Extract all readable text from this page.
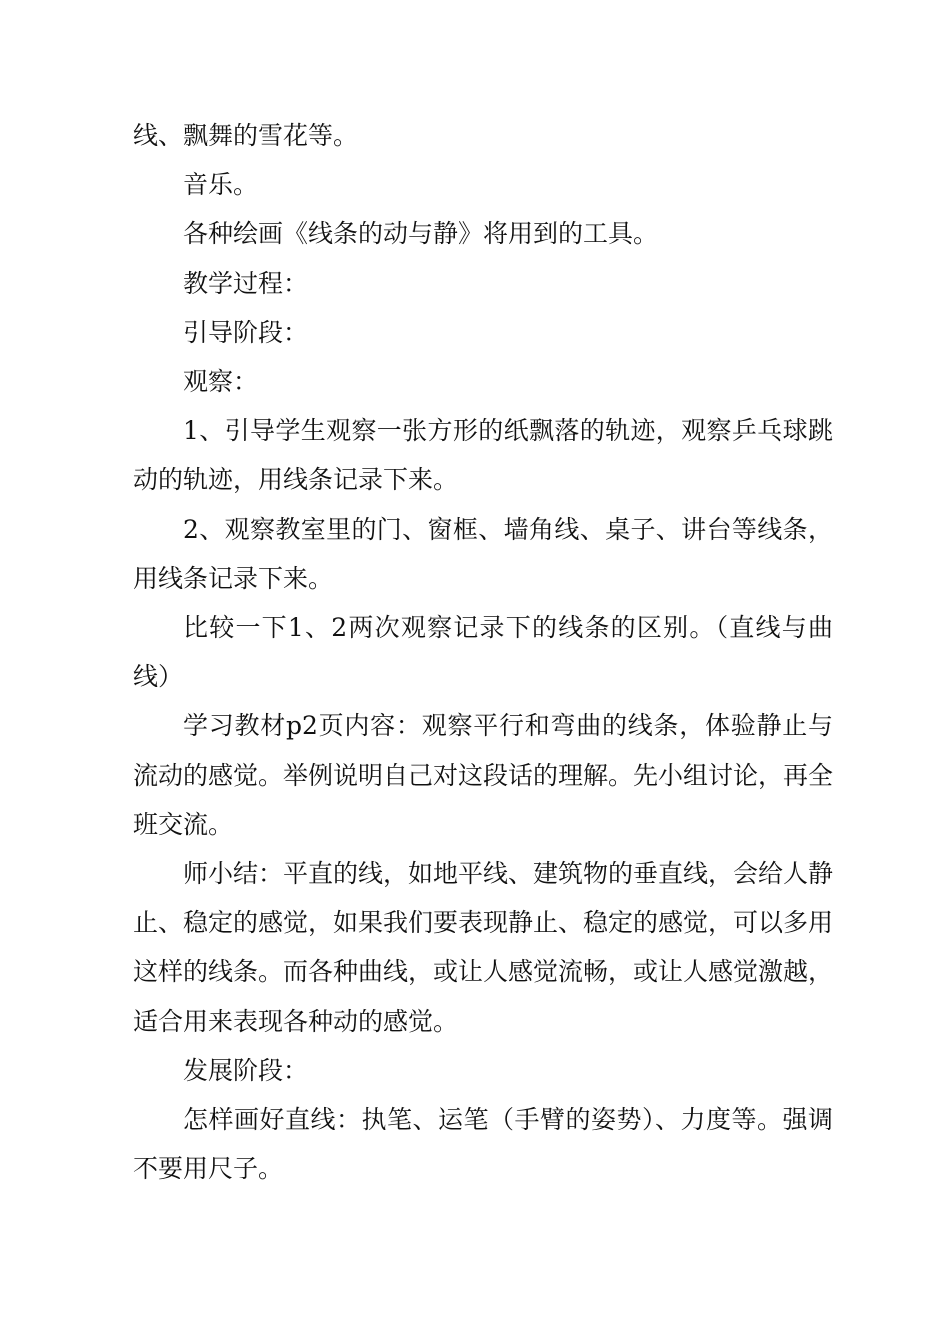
线、飘舞的雪花等。

音乐。

各种绘画《线条的动与静》将用到的工具。

教学过程：

引导阶段：

观察：

1、引导学生观察一张方形的纸飘落的轨迹，观察乒乓球跳动的轨迹，用线条记录下来。

2、观察教室里的门、窗框、墙角线、桌子、讲台等线条，用线条记录下来。

比较一下1、2两次观察记录下的线条的区别。（直线与曲线）

学习教材p2页内容：观察平行和弯曲的线条，体验静止与流动的感觉。举例说明自己对这段话的理解。先小组讨论，再全班交流。

师小结：平直的线，如地平线、建筑物的垂直线，会给人静止、稳定的感觉，如果我们要表现静止、稳定的感觉，可以多用这样的线条。而各种曲线，或让人感觉流畅，或让人感觉激越，适合用来表现各种动的感觉。

发展阶段：

怎样画好直线：执笔、运笔（手臂的姿势）、力度等。强调不要用尺子。
